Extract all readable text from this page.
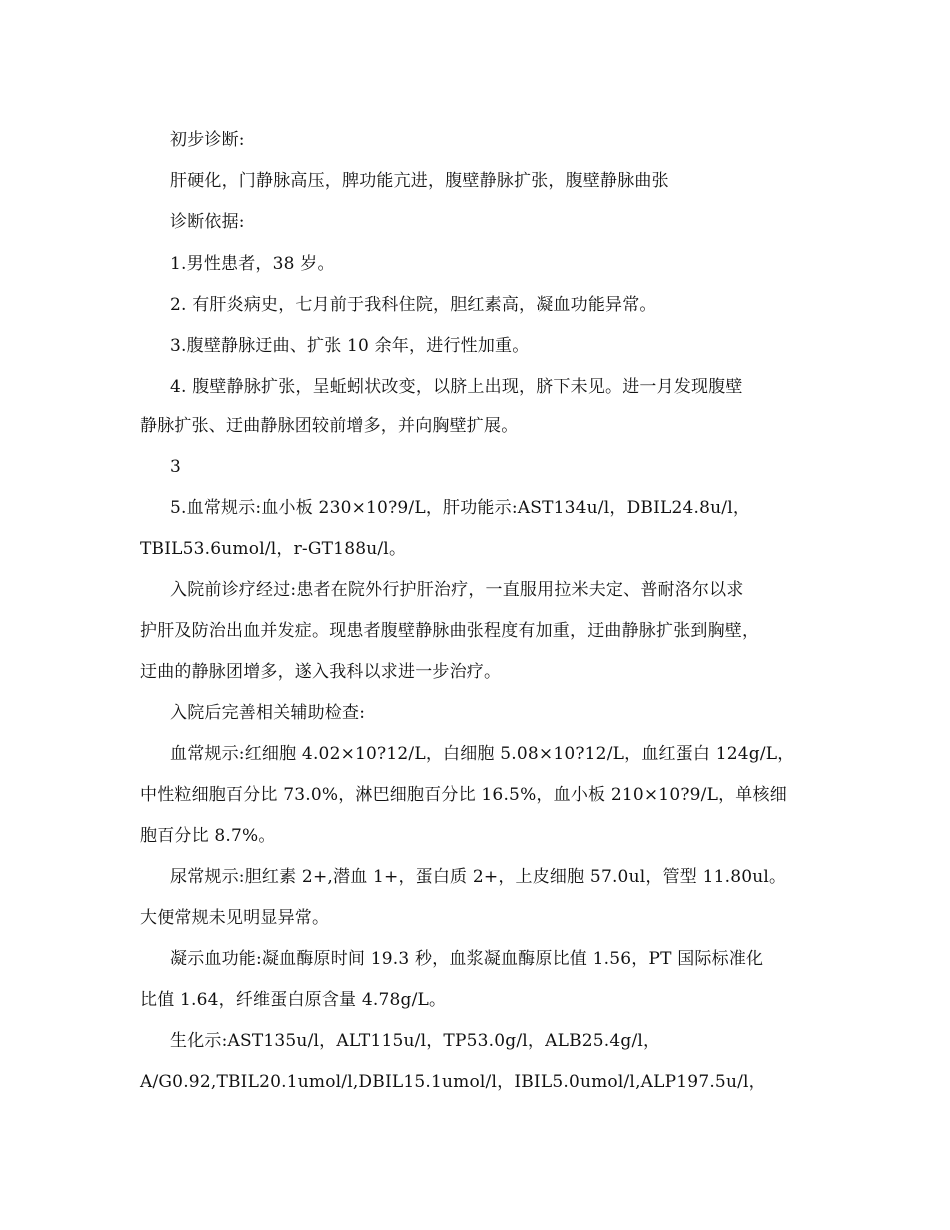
初步诊断:
肝硬化，门静脉高压，脾功能亢进，腹壁静脉扩张，腹壁静脉曲张
诊断依据:
1.男性患者，38 岁。
2. 有肝炎病史，七月前于我科住院，胆红素高，凝血功能异常。
3.腹壁静脉迂曲、扩张 10 余年，进行性加重。
4. 腹壁静脉扩张，呈蚯蚓状改变，以脐上出现，脐下未见。进一月发现腹壁
静脉扩张、迂曲静脉团较前增多，并向胸壁扩展。
3
5.血常规示:血小板 230×10?9/L，肝功能示:AST134u/l，DBIL24.8u/l，
TBIL53.6umol/l，r-GT188u/l。
入院前诊疗经过:患者在院外行护肝治疗，一直服用拉米夫定、普耐洛尔以求
护肝及防治出血并发症。现患者腹壁静脉曲张程度有加重，迂曲静脉扩张到胸壁，
迂曲的静脉团增多，遂入我科以求进一步治疗。
入院后完善相关辅助检查:
血常规示:红细胞 4.02×10?12/L，白细胞 5.08×10?12/L，血红蛋白 124g/L，
中性粒细胞百分比 73.0%，淋巴细胞百分比 16.5%，血小板 210×10?9/L，单核细
胞百分比 8.7%。
尿常规示:胆红素 2+,潜血 1+，蛋白质 2+，上皮细胞 57.0ul，管型 11.80ul。
大便常规未见明显异常。
凝示血功能:凝血酶原时间 19.3 秒，血浆凝血酶原比值 1.56，PT 国际标准化
比值 1.64，纤维蛋白原含量 4.78g/L。
生化示:AST135u/l，ALT115u/l，TP53.0g/l，ALB25.4g/l，
A/G0.92,TBIL20.1umol/l,DBIL15.1umol/l，IBIL5.0umol/l,ALP197.5u/l，
